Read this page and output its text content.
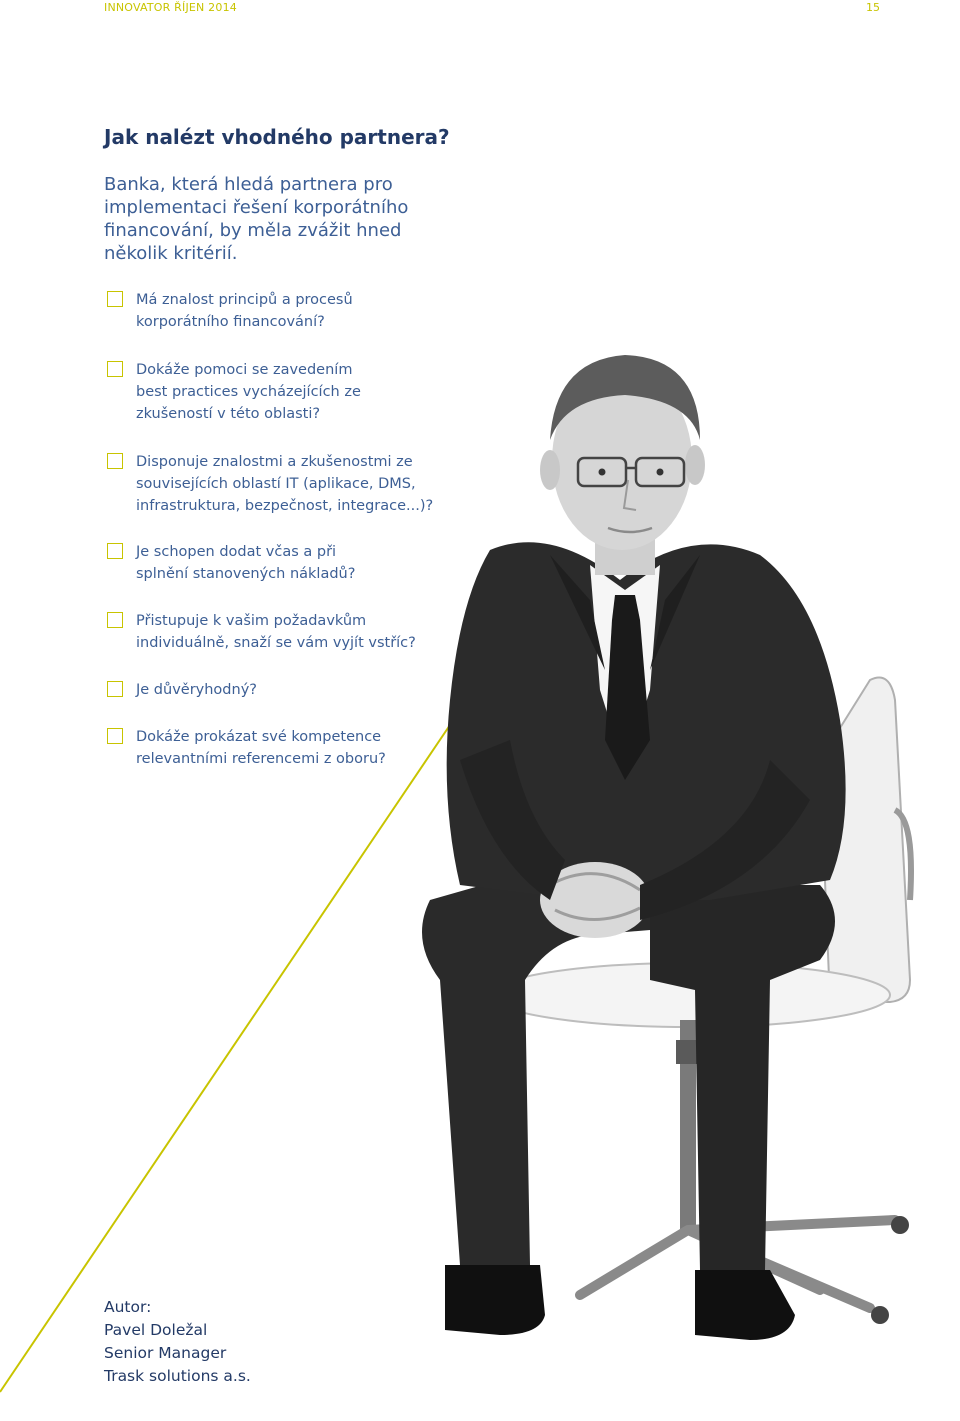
INNOVATOR ŘÍJEN 2014	15
Jak nalézt vhodného partnera?

Banka, která hledá partnera pro implementaci řešení korporátního financování, by měla zvážit hned několik kritérií.

Má znalost principů a procesů korporátního financování?
Dokáže pomoci se zavedením best practices vycházejících ze zkušeností v této oblasti?
Disponuje znalostmi a zkušenostmi ze souvisejících oblastí IT (aplikace, DMS, infrastruktura, bezpečnost, integrace...)?
Je schopen dodat včas a při splnění stanovených nákladů?
Přistupuje k vašim požadavkům individuálně, snaží se vám vyjít vstříc?
Je důvěryhodný?
Dokáže prokázat své kompetence relevantními referencemi z oboru?
Autor:
Pavel Doležal
Senior Manager
Trask solutions a.s.
